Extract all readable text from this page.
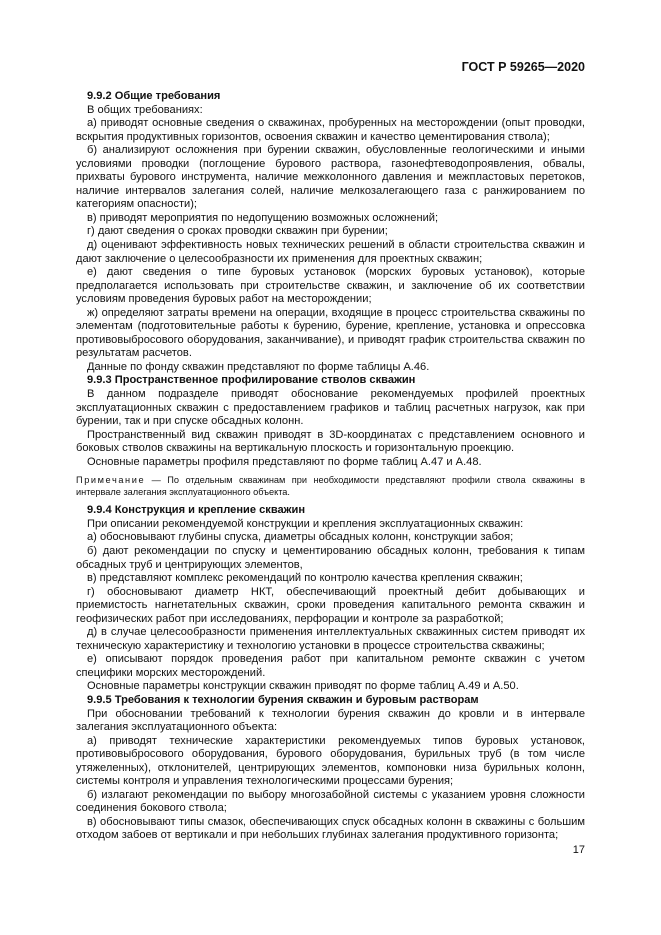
ГОСТ Р 59265—2020

9.9.2 Общие требования

В общих требованиях:

а) приводят основные сведения о скважинах, пробуренных на месторождении (опыт проводки, вскрытия продуктивных горизонтов, освоения скважин и качество цементирования ствола);

б) анализируют осложнения при бурении скважин, обусловленные геологическими и иными условиями проводки (поглощение бурового раствора, газонефтеводопроявления, обвалы, прихваты бурового инструмента, наличие межколонного давления и межпластовых перетоков, наличие интервалов залегания солей, наличие мелкозалегающего газа с ранжированием по категориям опасности);

в) приводят мероприятия по недопущению возможных осложнений;

г) дают сведения о сроках проводки скважин при бурении;

д) оценивают эффективность новых технических решений в области строительства скважин и дают заключение о целесообразности их применения для проектных скважин;

е) дают сведения о типе буровых установок (морских буровых установок), которые предполагается использовать при строительстве скважин, и заключение об их соответствии условиям проведения буровых работ на месторождении;

ж) определяют затраты времени на операции, входящие в процесс строительства скважины по элементам (подготовительные работы к бурению, бурение, крепление, установка и опрессовка противовыбросового оборудования, заканчивание), и приводят график строительства скважин по результатам расчетов.

Данные по фонду скважин представляют по форме таблицы А.46.

9.9.3 Пространственное профилирование стволов скважин

В данном подразделе приводят обоснование рекомендуемых профилей проектных эксплуатационных скважин с предоставлением графиков и таблиц расчетных нагрузок, как при бурении, так и при спуске обсадных колонн.

Пространственный вид скважин приводят в 3D-координатах с представлением основного и боковых стволов скважины на вертикальную плоскость и горизонтальную проекцию.

Основные параметры профиля представляют по форме таблиц А.47 и А.48.

Примечание — По отдельным скважинам при необходимости представляют профили ствола скважины в интервале залегания эксплуатационного объекта.

9.9.4 Конструкция и крепление скважин

При описании рекомендуемой конструкции и крепления эксплуатационных скважин:

а) обосновывают глубины спуска, диаметры обсадных колонн, конструкции забоя;

б) дают рекомендации по спуску и цементированию обсадных колонн, требования к типам обсадных труб и центрирующих элементов,

в) представляют комплекс рекомендаций по контролю качества крепления скважин;

г) обосновывают диаметр НКТ, обеспечивающий проектный дебит добывающих и приемистость нагнетательных скважин, сроки проведения капитального ремонта скважин и геофизических работ при исследованиях, перфорации и контроле за разработкой;

д) в случае целесообразности применения интеллектуальных скважинных систем приводят их техническую характеристику и технологию установки в процессе строительства скважины;

е) описывают порядок проведения работ при капитальном ремонте скважин с учетом специфики морских месторождений.

Основные параметры конструкции скважин приводят по форме таблиц А.49 и А.50.

9.9.5 Требования к технологии бурения скважин и буровым растворам

При обосновании требований к технологии бурения скважин до кровли и в интервале залегания эксплуатационного объекта:

а) приводят технические характеристики рекомендуемых типов буровых установок, противовыбросового оборудования, бурового оборудования, бурильных труб (в том числе утяжеленных), отклонителей, центрирующих элементов, компоновки низа бурильных колонн, системы контроля и управления технологическими процессами бурения;

б) излагают рекомендации по выбору многозабойной системы с указанием уровня сложности соединения бокового ствола;

в) обосновывают типы смазок, обеспечивающих спуск обсадных колонн в скважины с большим отходом забоев от вертикали и при небольших глубинах залегания продуктивного горизонта;

17
